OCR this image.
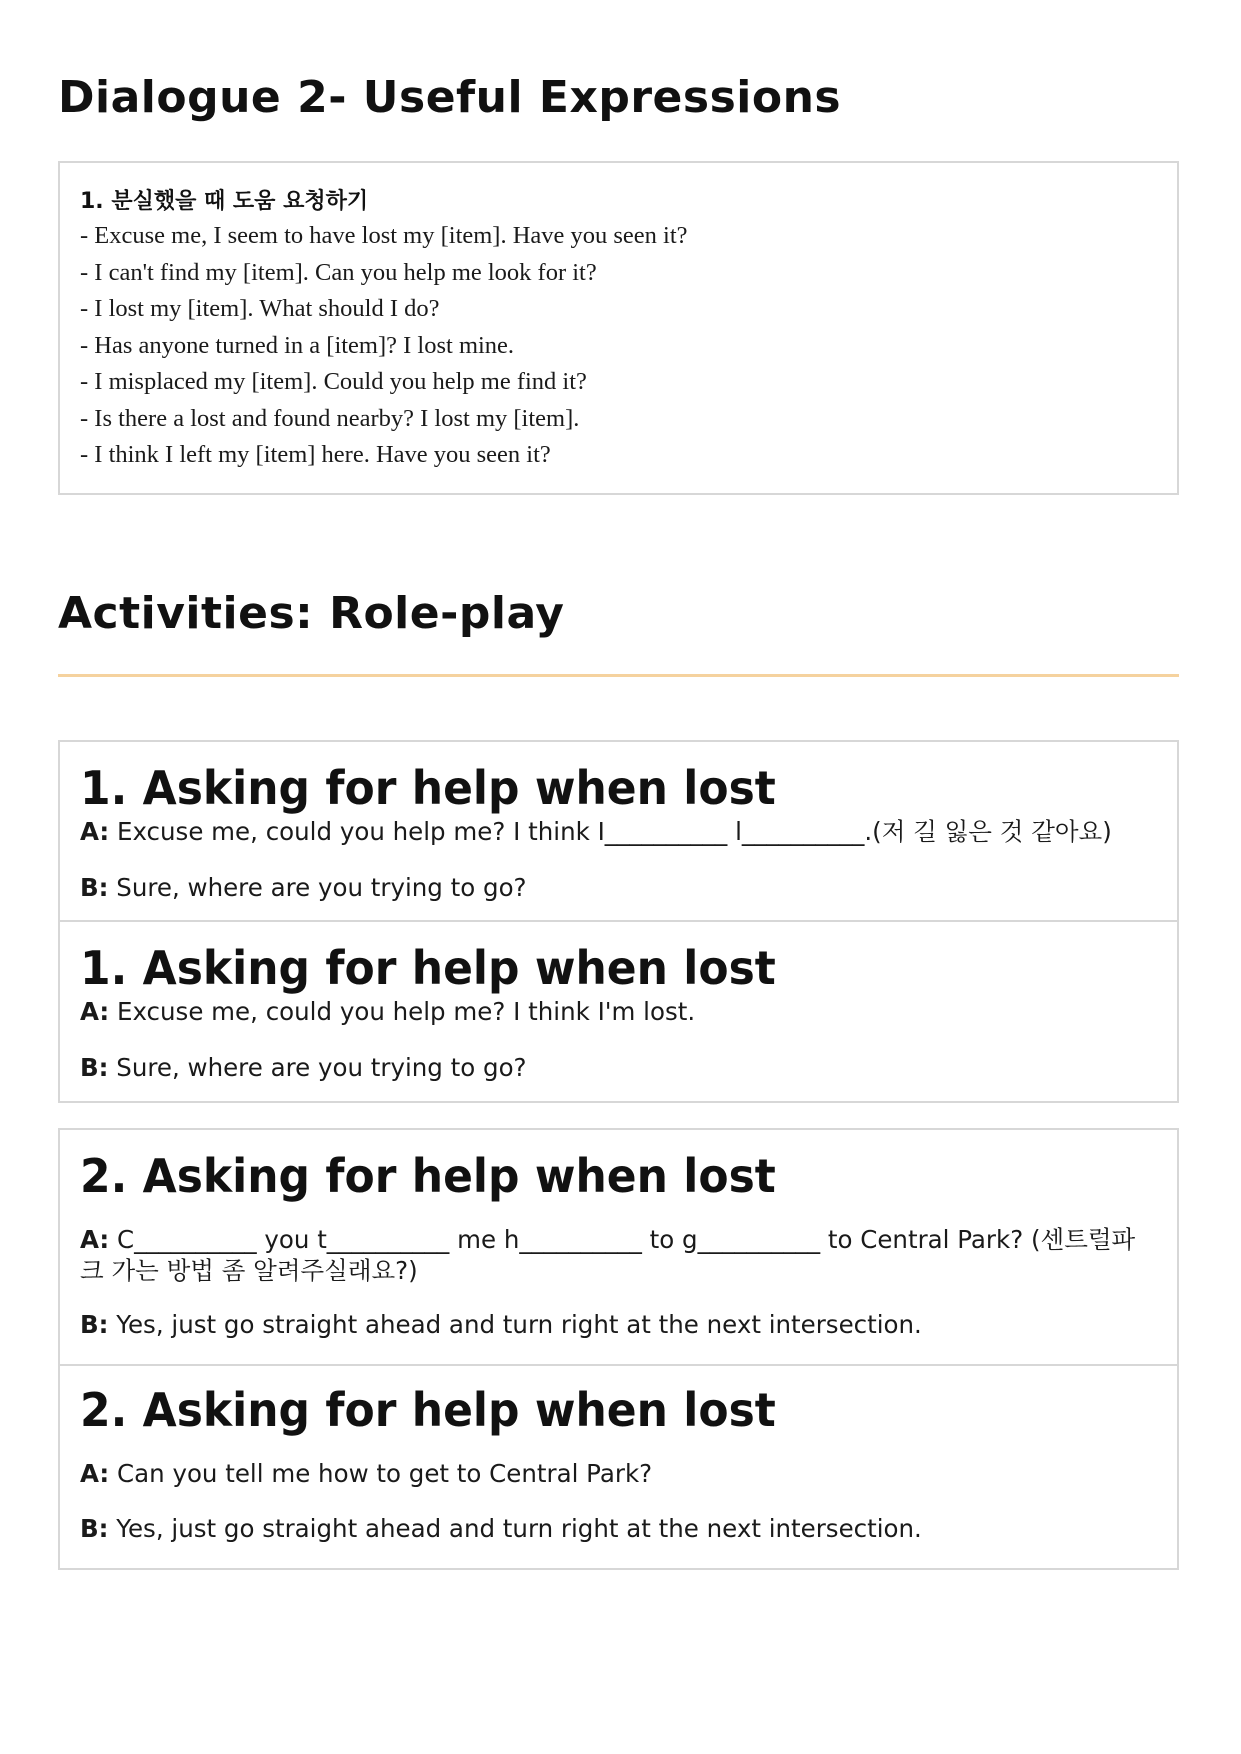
Dialogue 2- Useful Expressions

1. 분실했을 때 도움 요청하기

- Excuse me, I seem to have lost my [item]. Have you seen it?
- I can't find my [item]. Can you help me look for it?
- I lost my [item]. What should I do?
- Has anyone turned in a [item]? I lost mine.
- I misplaced my [item]. Could you help me find it?
- Is there a lost and found nearby? I lost my [item].
- I think I left my [item] here. Have you seen it?
Activities: Role-play
1. Asking for help when lost

A: Excuse me, could you help me? I think I__________ l__________.(저 길 잃은 것 같아요)

B: Sure, where are you trying to go?

1. Asking for help when lost

A: Excuse me, could you help me? I think I'm lost.

B: Sure, where are you trying to go?

2. Asking for help when lost

A: C__________ you t__________ me h__________ to g__________ to Central Park? (센트럴파크 가는 방법 좀 알려주실래요?)

B: Yes, just go straight ahead and turn right at the next intersection.

2. Asking for help when lost

A: Can you tell me how to get to Central Park?

B: Yes, just go straight ahead and turn right at the next intersection.
